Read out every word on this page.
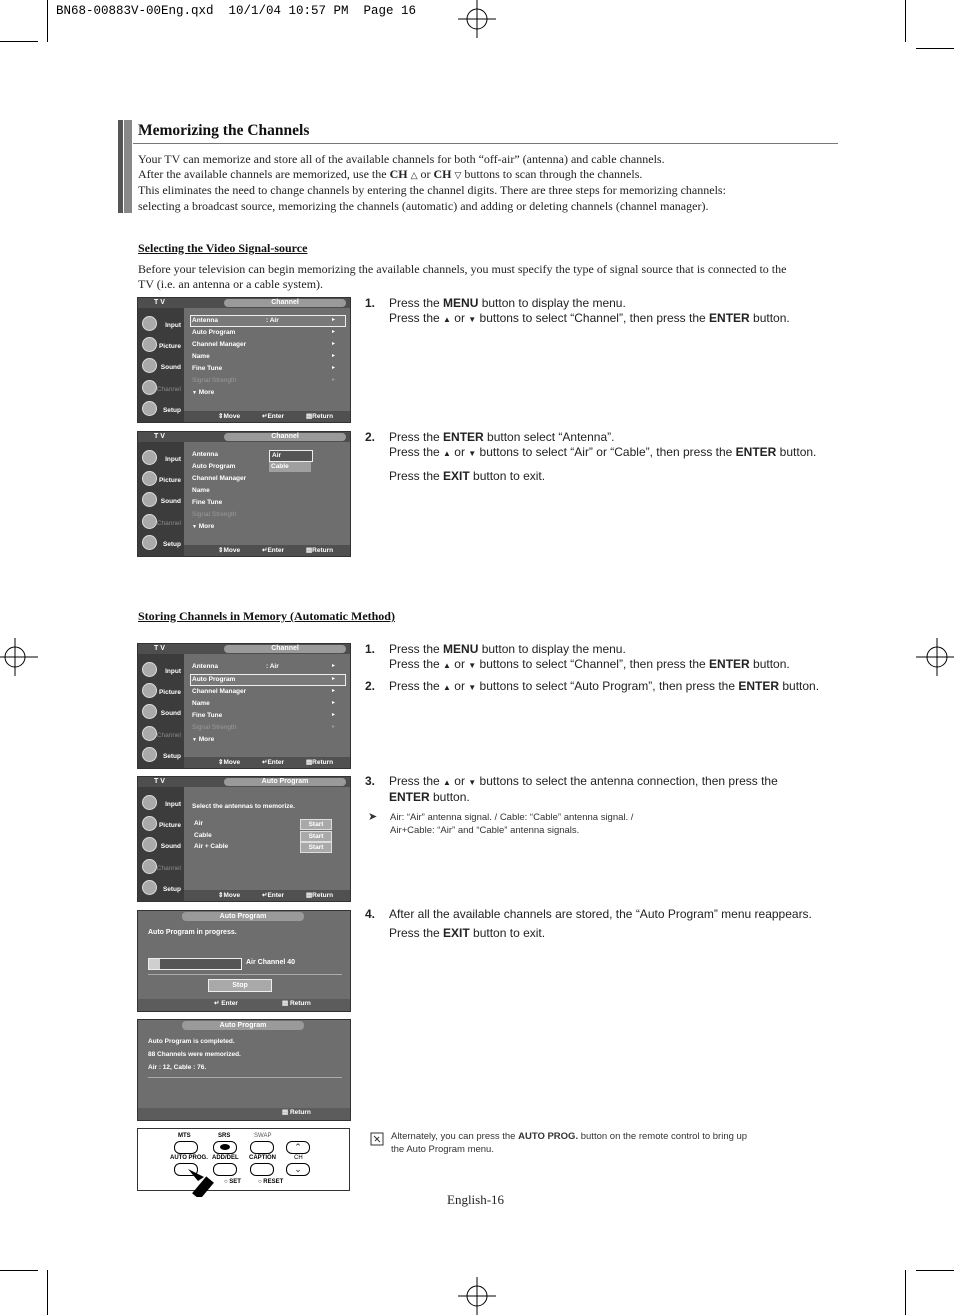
BN68-00883V-00Eng.qxd  10/1/04 10:57 PM  Page 16
Memorizing the Channels

Your TV can memorize and store all of the available channels for both “off-air” (antenna) and cable channels.

After the available channels are memorized, use the CH △ or CH ▽ buttons to scan through the channels.

This eliminates the need to change channels by entering the channel digits. There are three steps for memorizing channels:

selecting a broadcast source, memorizing the channels (automatic) and adding or deleting channels (channel manager).

Selecting the Video Signal-source
Before your television can begin memorizing the available channels, you must specify the type of signal source that is connected to the
TV (i.e. an antenna or a cable system).
T V	Channel
Input
Picture
Sound
Channel
Setup
Antenna	: Air	▸
Auto Program	▸
Channel Manager	▸
Name	▸
Fine Tune	▸
Signal Strength	▸
▼ More
⇕Move	↵Enter	▤Return
T V	Channel
Input
Picture
Sound
Channel
Setup
Antenna	Air
Cable
Auto Program
Channel Manager
Name
Fine Tune
Signal Strength
▼ More
⇕Move	↵Enter	▤Return
1. Press the MENU button to display the menu.
Press the ▲ or ▼ buttons to select “Channel”, then press the ENTER button.
2. Press the ENTER button select “Antenna”.
Press the ▲ or ▼ buttons to select “Air” or “Cable”, then press the ENTER button.
Press the EXIT button to exit.
Storing Channels in Memory (Automatic Method)
T V	Channel
Input
Picture
Sound
Channel
Setup
Antenna	: Air	▸
Auto Program	▸
Channel Manager	▸
Name	▸
Fine Tune	▸
Signal Strength	▸
▼ More
⇕Move	↵Enter	▤Return
T V	Auto Program
Input
Picture
Sound
Channel
Setup
Select the antennas to memorize.
Air
Cable
Air + Cable
Start
Start
Start
⇕Move	↵Enter	▤Return
Auto Program
Auto Program in progress.
Air Channel 40
Stop
↵ Enter	▤ Return
Auto Program
Auto Program is completed.
88 Channels were memorized.
Air : 12, Cable : 76.
▤ Return
1. Press the MENU button to display the menu.
Press the ▲ or ▼ buttons to select “Channel”, then press the ENTER button.
2. Press the ▲ or ▼ buttons to select “Auto Program”, then press the ENTER button.
3. Press the ▲ or ▼ buttons to select the antenna connection, then press the
ENTER button.
➤ Air: “Air” antenna signal. / Cable: “Cable” antenna signal. /
Air+Cable: “Air” and “Cable” antenna signals.
4. After all the available channels are stored, the “Auto Program” menu reappears.
Press the EXIT button to exit.
MTS	SRS	SWAP
⌃
AUTO PROG. ADD/DEL CAPTION	CH
⌄
○ SET	○ RESET
Alternately, you can press the AUTO PROG. button on the remote control to bring up
the Auto Program menu.
English-16
